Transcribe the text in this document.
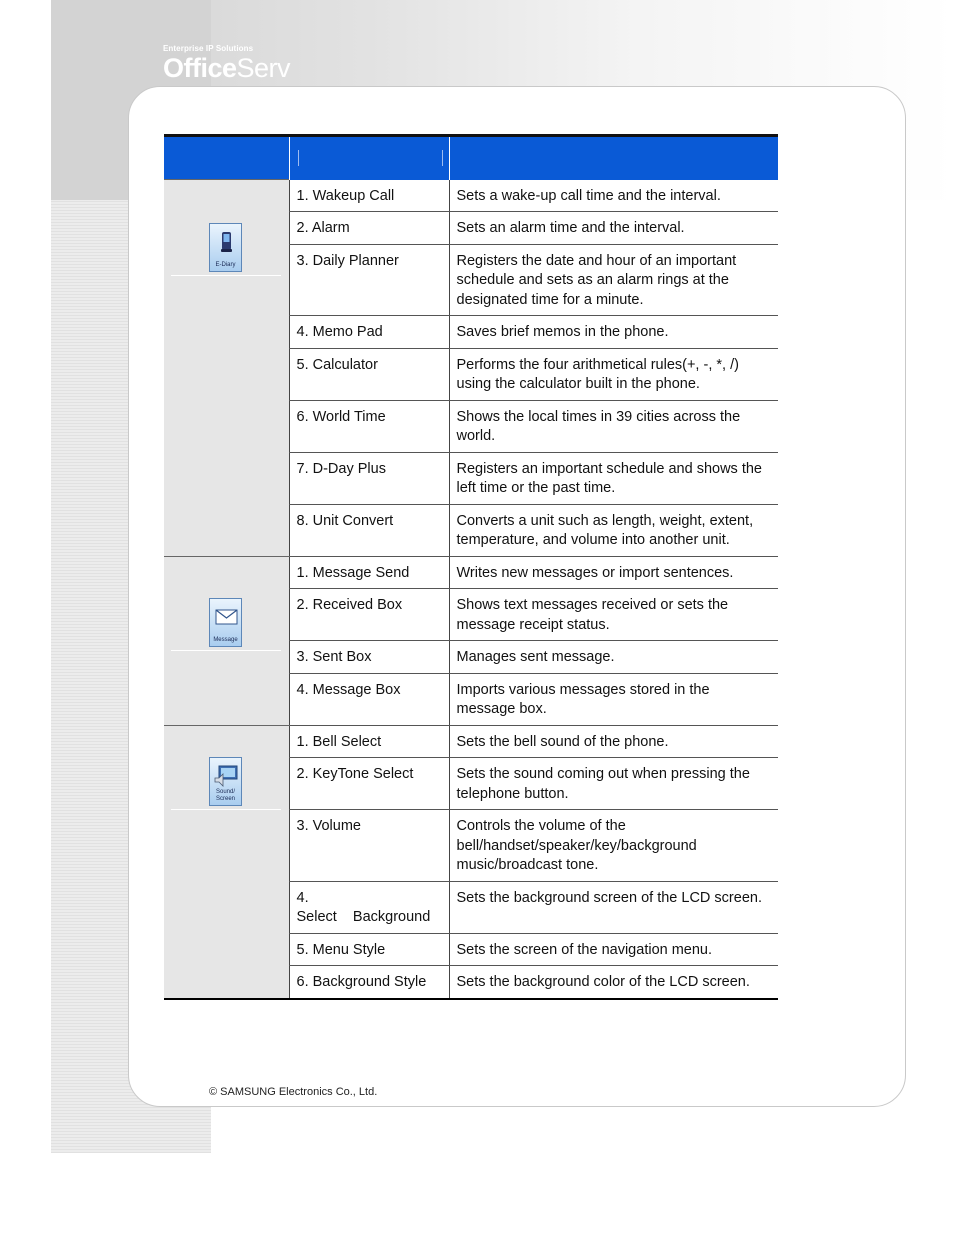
Enterprise IP Solutions
OfficeServ

E-Diary	1. Wakeup Call	Sets a wake-up call time and the interval.
	2. Alarm	Sets an alarm time and the interval.
	3. Daily Planner	Registers the date and hour of an important schedule and sets as an alarm rings at the designated time for a minute.
	4. Memo Pad	Saves brief memos in the phone.
	5. Calculator	Performs the four arithmetical rules(+, -, *, /) using the calculator built in the phone.
	6. World Time	Shows the local times in 39 cities across the world.
	7. D-Day Plus	Registers an important schedule and shows the left time or the past time.
	8. Unit Convert	Converts a unit such as length, weight, extent, temperature, and volume into another unit.

Message	1. Message Send	Writes new messages or import sentences.
	2. Received Box	Shows text messages received or sets the message receipt status.
	3. Sent Box	Manages sent message.
	4. Message Box	Imports various messages stored in the message box.

Sound/ Screen	1. Bell Select	Sets the bell sound of the phone.
	2. KeyTone Select	Sets the sound coming out when pressing the telephone button.
	3. Volume	Controls the volume of the bell/handset/speaker/key/background music/broadcast tone.
	4. Select    Background	Sets the background screen of the LCD screen.
	5. Menu Style	Sets the screen of the navigation menu.
	6. Background Style	Sets the background color of the LCD screen.
© SAMSUNG Electronics Co., Ltd.
